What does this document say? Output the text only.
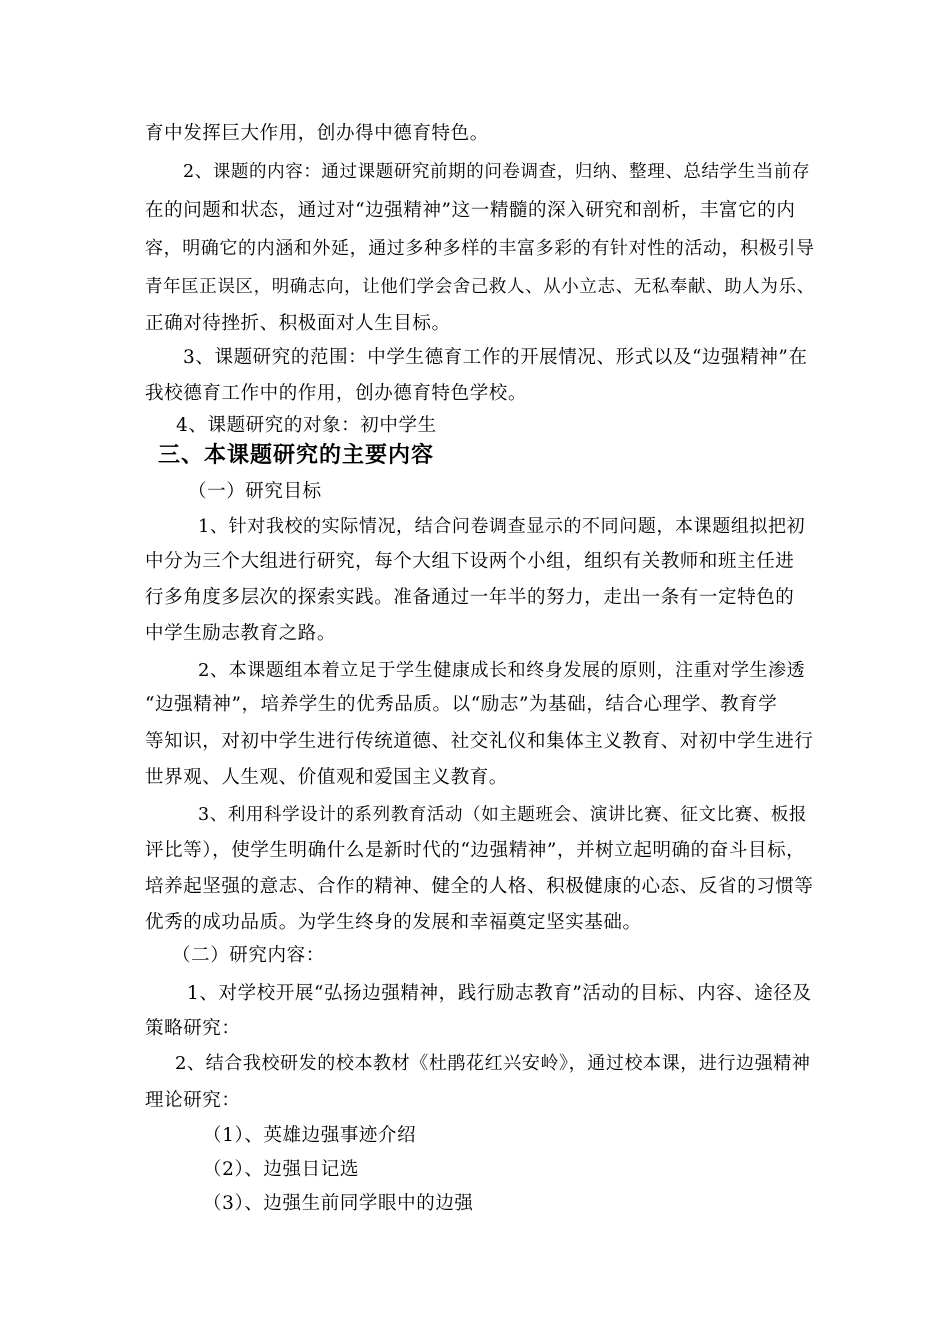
育中发挥巨大作用，创办得中德育特色。
2、课题的内容：通过课题研究前期的问卷调查，归纳、整理、总结学生当前存
在的问题和状态，通过对“边强精神”这一精髓的深入研究和剖析，丰富它的内
容，明确它的内涵和外延，通过多种多样的丰富多彩的有针对性的活动，积极引导
青年匡正误区，明确志向，让他们学会舍己救人、从小立志、无私奉献、助人为乐、
正确对待挫折、积极面对人生目标。
3、课题研究的范围：中学生德育工作的开展情况、形式以及“边强精神”在
我校德育工作中的作用，创办德育特色学校。
4、课题研究的对象：初中学生
三、本课题研究的主要内容
（一）研究目标
1、针对我校的实际情况，结合问卷调查显示的不同问题，本课题组拟把初
中分为三个大组进行研究，每个大组下设两个小组，组织有关教师和班主任进
行多角度多层次的探索实践。准备通过一年半的努力，走出一条有一定特色的
中学生励志教育之路。
2、本课题组本着立足于学生健康成长和终身发展的原则，注重对学生渗透
“边强精神”，培养学生的优秀品质。以“励志”为基础，结合心理学、教育学
等知识，对初中学生进行传统道德、社交礼仪和集体主义教育、对初中学生进行
世界观、人生观、价值观和爱国主义教育。
3、利用科学设计的系列教育活动（如主题班会、演讲比赛、征文比赛、板报
评比等），使学生明确什么是新时代的“边强精神”，并树立起明确的奋斗目标，
培养起坚强的意志、合作的精神、健全的人格、积极健康的心态、反省的习惯等
优秀的成功品质。为学生终身的发展和幸福奠定坚实基础。
（二）研究内容：
1、对学校开展“弘扬边强精神，践行励志教育”活动的目标、内容、途径及
策略研究：
2、结合我校研发的校本教材《杜鹃花红兴安岭》，通过校本课，进行边强精神
理论研究：
（1）、英雄边强事迹介绍
（2）、边强日记选
（3）、边强生前同学眼中的边强
